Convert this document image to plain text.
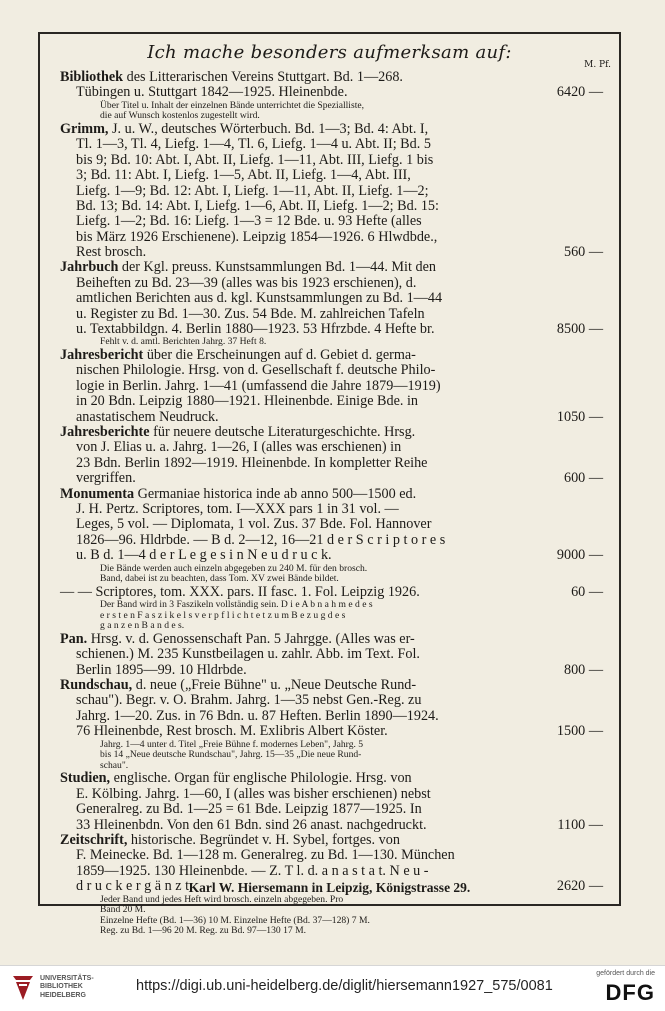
Ich mache besonders aufmerksam auf:
M. Pf.
Bibliothek des Litterarischen Vereins Stuttgart. Bd. 1—268.
Tübingen u. Stuttgart 1842—1925. Hleinenbde.	6420 —
Über Titel u. Inhalt der einzelnen Bände unterrichtet die Spezialliste,
die auf Wunsch kostenlos zugestellt wird.
Grimm, J. u. W., deutsches Wörterbuch. Bd. 1—3; Bd. 4: Abt. I,
Tl. 1—3, Tl. 4, Liefg. 1—4, Tl. 6, Liefg. 1—4 u. Abt. II; Bd. 5
bis 9; Bd. 10: Abt. I, Abt. II, Liefg. 1—11, Abt. III, Liefg. 1 bis
3; Bd. 11: Abt. I, Liefg. 1—5, Abt. II, Liefg. 1—4, Abt. III,
Liefg. 1—9; Bd. 12: Abt. I, Liefg. 1—11, Abt. II, Liefg. 1—2;
Bd. 13; Bd. 14: Abt. I, Liefg. 1—6, Abt. II, Liefg. 1—2; Bd. 15:
Liefg. 1—2; Bd. 16: Liefg. 1—3 = 12 Bde. u. 93 Hefte (alles
bis März 1926 Erschienene). Leipzig 1854—1926. 6 Hlwdbde.,
Rest brosch.	560 —
Jahrbuch der Kgl. preuss. Kunstsammlungen Bd. 1—44. Mit den
Beiheften zu Bd. 23—39 (alles was bis 1923 erschienen), d.
amtlichen Berichten aus d. kgl. Kunstsammlungen zu Bd. 1—44
u. Register zu Bd. 1—30. Zus. 54 Bde. M. zahlreichen Tafeln
u. Textabbildgn. 4. Berlin 1880—1923. 53 Hfrzbde. 4 Hefte br.	8500 —
Fehlt v. d. amtl. Berichten Jahrg. 37 Heft 8.
Jahresbericht über die Erscheinungen auf d. Gebiet d. germa-
nischen Philologie. Hrsg. von d. Gesellschaft f. deutsche Philo-
logie in Berlin. Jahrg. 1—41 (umfassend die Jahre 1879—1919)
in 20 Bdn. Leipzig 1880—1921. Hleinenbde. Einige Bde. in
anastatischem Neudruck.	1050 —
Jahresberichte für neuere deutsche Literaturgeschichte. Hrsg.
von J. Elias u. a. Jahrg. 1—26, I (alles was erschienen) in
23 Bdn. Berlin 1892—1919. Hleinenbde. In kompletter Reihe
vergriffen.	600 —
Monumenta Germaniae historica inde ab anno 500—1500 ed.
J. H. Pertz. Scriptores, tom. I—XXX pars 1 in 31 vol. —
Leges, 5 vol. — Diplomata, 1 vol. Zus. 37 Bde. Fol. Hannover
1826—96. Hldrbde. — B d. 2—12, 16—21 d e r S c r i p t o r e s
u. B d. 1—4 d e r L e g e s i n N e u d r u c k.	9000 —
Die Bände werden auch einzeln abgegeben zu 240 M. für den brosch.
Band, dabei ist zu beachten, dass Tom. XV zwei Bände bildet.
— — Scriptores, tom. XXX. pars. II fasc. 1. Fol. Leipzig 1926.	60 —
Der Band wird in 3 Faszikeln vollständig sein. D i e A b n a h m e d e s
e r s t e n F a s z i k e l s v e r p f l i c h t e t z u m B e z u g d e s
g a n z e n B a n d e s.
Pan. Hrsg. v. d. Genossenschaft Pan. 5 Jahrgge. (Alles was er-
schienen.) M. 235 Kunstbeilagen u. zahlr. Abb. im Text. Fol.
Berlin 1895—99. 10 Hldrbde.	800 —
Rundschau, d. neue („Freie Bühne" u. „Neue Deutsche Rund-
schau"). Begr. v. O. Brahm. Jahrg. 1—35 nebst Gen.-Reg. zu
Jahrg. 1—20. Zus. in 76 Bdn. u. 87 Heften. Berlin 1890—1924.
76 Hleinenbde, Rest brosch. M. Exlibris Albert Köster.	1500 —
Jahrg. 1—4 unter d. Titel „Freie Bühne f. modernes Leben", Jahrg. 5
bis 14 „Neue deutsche Rundschau", Jahrg. 15—35 „Die neue Rund-
schau".
Studien, englische. Organ für englische Philologie. Hrsg. von
E. Kölbing. Jahrg. 1—60, I (alles was bisher erschienen) nebst
Generalreg. zu Bd. 1—25 = 61 Bde. Leipzig 1877—1925. In
33 Hleinenbdn. Von den 61 Bdn. sind 26 anast. nachgedruckt.	1100 —
Zeitschrift, historische. Begründet v. H. Sybel, fortges. von
F. Meinecke. Bd. 1—128 m. Generalreg. zu Bd. 1—130. München
1859—1925. 130 Hleinenbde. — Z. T l. d. a n a s t a t. N e u -
d r u c k e r g ä n z t.	2620 —
Jeder Band und jedes Heft wird brosch. einzeln abgegeben. Pro
Band 20 M.
Einzelne Hefte (Bd. 1—36) 10 M. Einzelne Hefte (Bd. 37—128) 7 M.
Reg. zu Bd. 1—96 20 M. Reg. zu Bd. 97—130 17 M.
Karl W. Hiersemann in Leipzig, Königstrasse 29.
UNIVERSITÄTS-
BIBLIOTHEK
HEIDELBERG
https://digi.ub.uni-heidelberg.de/diglit/hiersemann1927_575/0081
gefördert durch die
DFG
